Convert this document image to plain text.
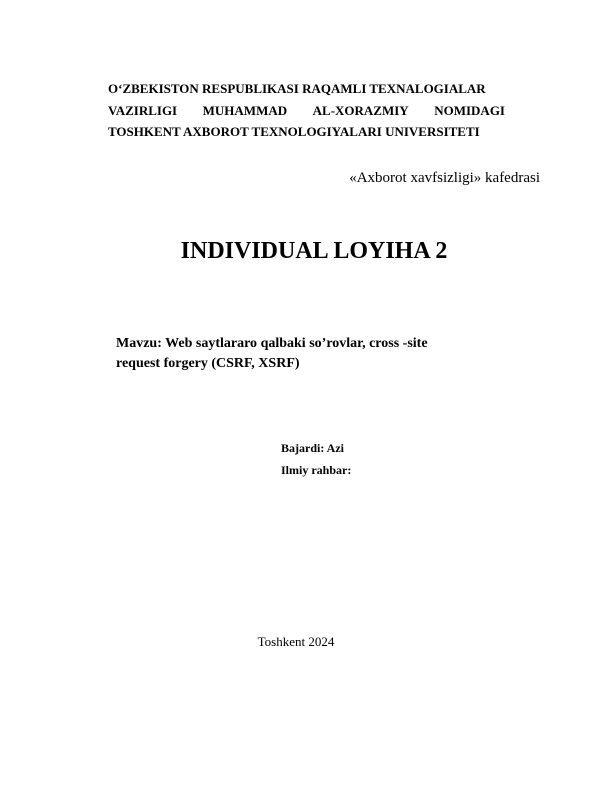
O‘ZBEKISTON RESPUBLIKASI RAQAMLI TEXNALOGIALAR
VAZIRLIGI MUHAMMAD AL-XORAZMIY NOMIDAGI
TOSHKENT AXBOROT TEXNOLOGIYALARI UNIVERSITETI
«Axborot xavfsizligi» kafedrasi
INDIVIDUAL LOYIHA 2
Mavzu: Web saytlararo qalbaki so’rovlar, cross -site
request forgery (CSRF, XSRF)
Bajardi: Azi
Ilmiy rahbar:
Toshkent 2024
